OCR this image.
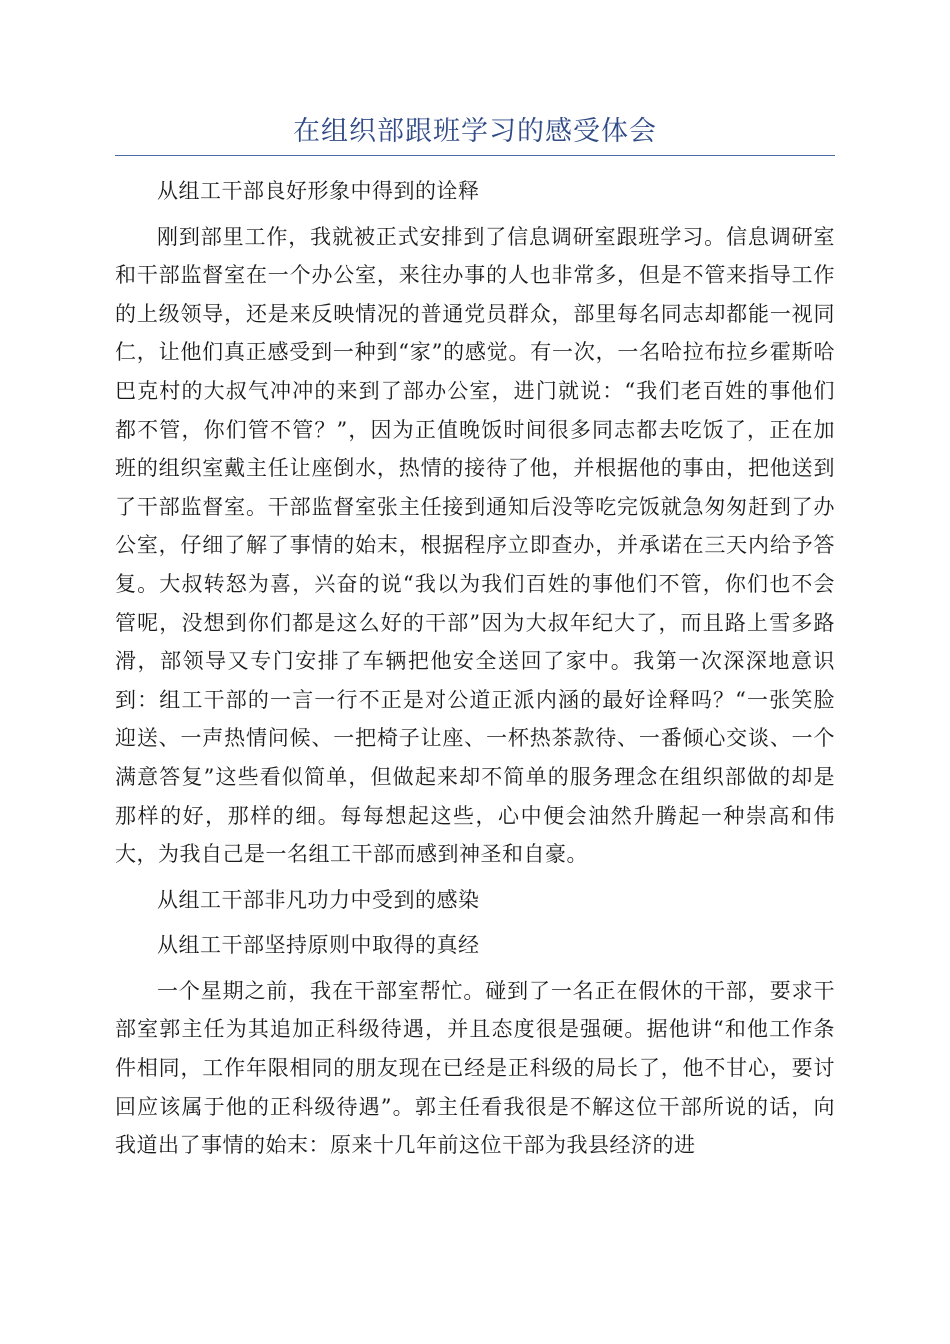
在组织部跟班学习的感受体会

从组工干部良好形象中得到的诠释

刚到部里工作，我就被正式安排到了信息调研室跟班学习。信息调研室和干部监督室在一个办公室，来往办事的人也非常多，但是不管来指导工作的上级领导，还是来反映情况的普通党员群众，部里每名同志却都能一视同仁，让他们真正感受到一种到“家”的感觉。有一次，一名哈拉布拉乡霍斯哈巴克村的大叔气冲冲的来到了部办公室，进门就说：“我们老百姓的事他们都不管，你们管不管？”，因为正值晚饭时间很多同志都去吃饭了，正在加班的组织室戴主任让座倒水，热情的接待了他，并根据他的事由，把他送到了干部监督室。干部监督室张主任接到通知后没等吃完饭就急匆匆赶到了办公室，仔细了解了事情的始末，根据程序立即查办，并承诺在三天内给予答复。大叔转怒为喜，兴奋的说“我以为我们百姓的事他们不管，你们也不会管呢，没想到你们都是这么好的干部”因为大叔年纪大了，而且路上雪多路滑，部领导又专门安排了车辆把他安全送回了家中。我第一次深深地意识到：组工干部的一言一行不正是对公道正派内涵的最好诠释吗？“一张笑脸迎送、一声热情问候、一把椅子让座、一杯热茶款待、一番倾心交谈、一个满意答复”这些看似简单，但做起来却不简单的服务理念在组织部做的却是那样的好，那样的细。每每想起这些，心中便会油然升腾起一种崇高和伟大，为我自己是一名组工干部而感到神圣和自豪。

从组工干部非凡功力中受到的感染

从组工干部坚持原则中取得的真经

一个星期之前，我在干部室帮忙。碰到了一名正在假休的干部，要求干部室郭主任为其追加正科级待遇，并且态度很是强硬。据他讲“和他工作条件相同，工作年限相同的朋友现在已经是正科级的局长了，他不甘心，要讨回应该属于他的正科级待遇”。郭主任看我很是不解这位干部所说的话，向我道出了事情的始末：原来十几年前这位干部为我县经济的进
